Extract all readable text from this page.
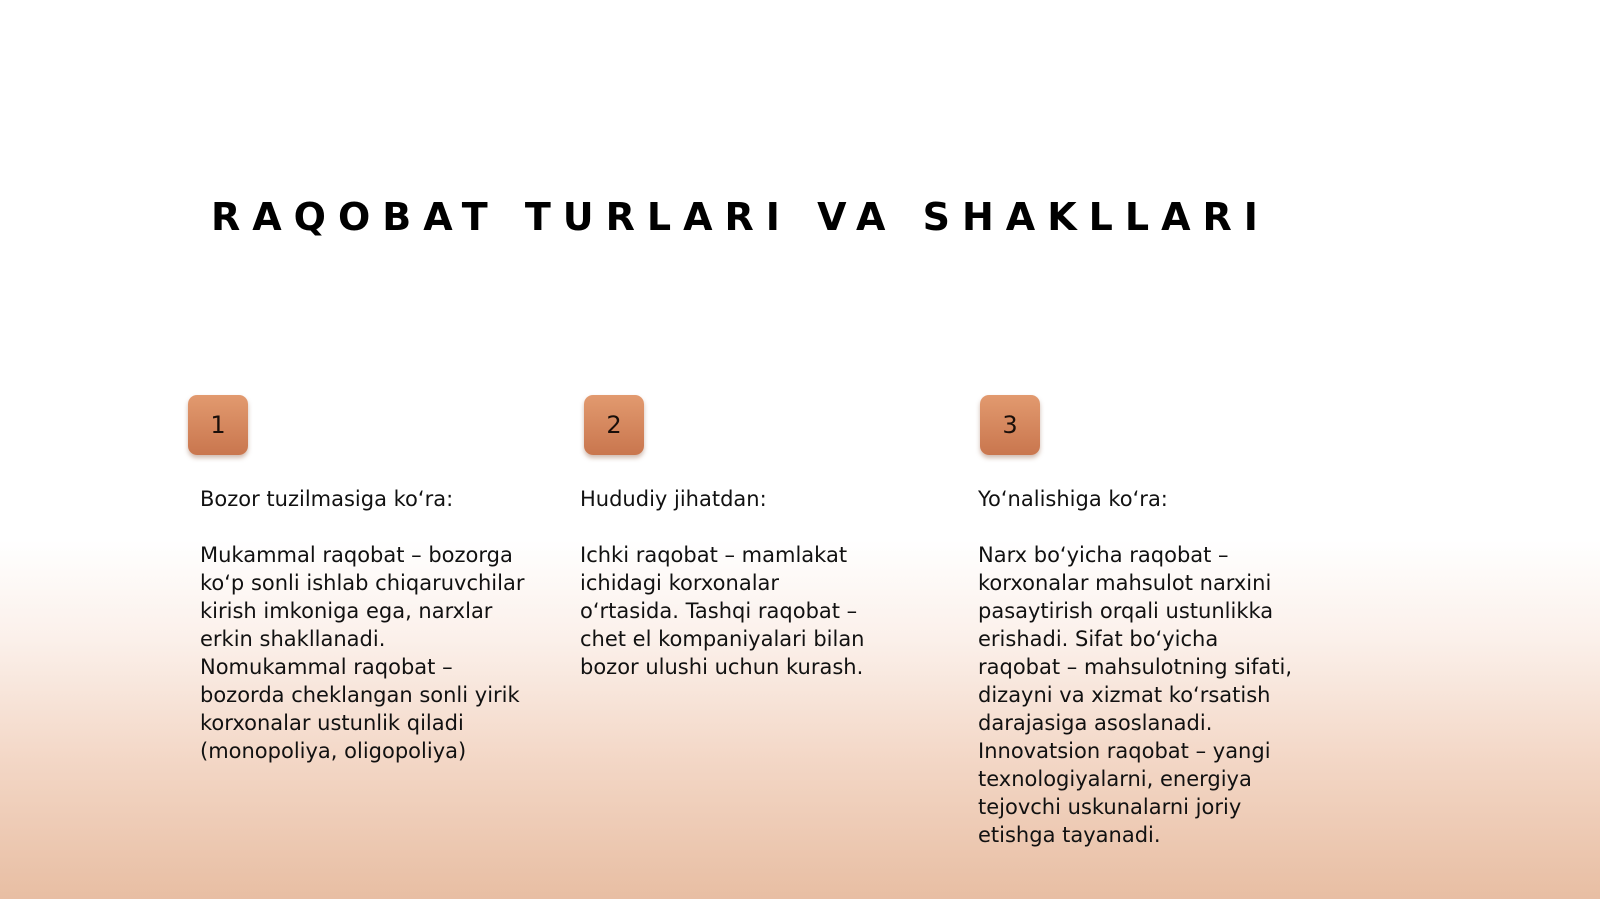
RAQOBAT TURLARI VA SHAKLLARI
1	2	3

Bozor tuzilmasiga ko‘ra:

Mukammal raqobat – bozorga
ko‘p sonli ishlab chiqaruvchilar
kirish imkoniga ega, narxlar
erkin shakllanadi.
Nomukammal raqobat –
bozorda cheklangan sonli yirik
korxonalar ustunlik qiladi
(monopoliya, oligopoliya)

Hududiy jihatdan:

Ichki raqobat – mamlakat
ichidagi korxonalar
o‘rtasida. Tashqi raqobat –
chet el kompaniyalari bilan
bozor ulushi uchun kurash.

Yo‘nalishiga ko‘ra:

Narx bo‘yicha raqobat –
korxonalar mahsulot narxini
pasaytirish orqali ustunlikka
erishadi. Sifat bo‘yicha
raqobat – mahsulotning sifati,
dizayni va xizmat ko‘rsatish
darajasiga asoslanadi.
Innovatsion raqobat – yangi
texnologiyalarni, energiya
tejovchi uskunalarni joriy
etishga tayanadi.
